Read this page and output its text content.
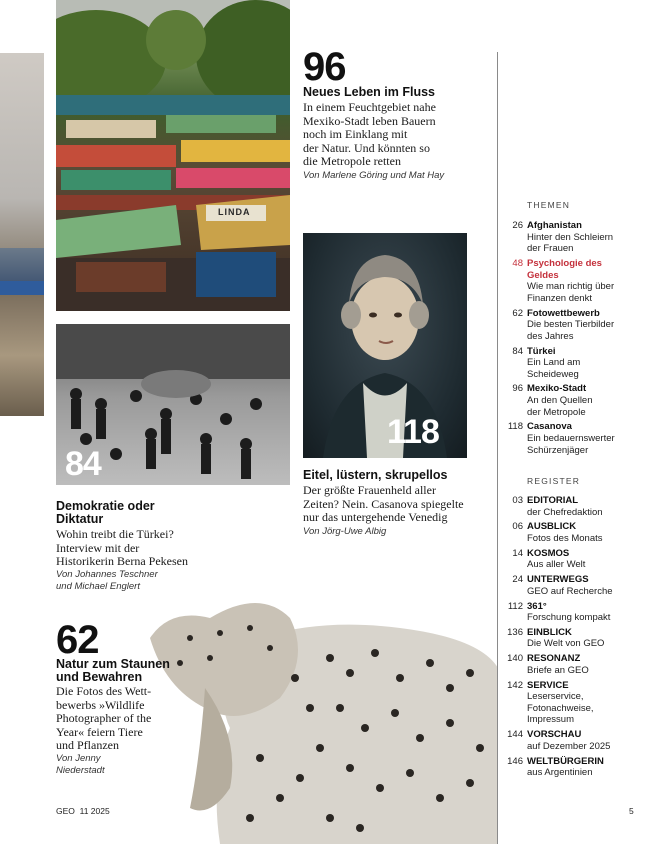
LINDA
84
118
96
Neues Leben im Fluss
In einem Feuchtgebiet nahe
Mexiko-Stadt leben Bauern
noch im Einklang mit
der Natur. Und könnten so
die Metropole retten
Von Marlene Göring und Mat Hay
Demokratie oder
Diktatur
Wohin treibt die Türkei?
Interview mit der
Historikerin Berna Pekesen
Von Johannes Teschner
und Michael Englert
Eitel, lüstern, skrupellos
Der größte Frauenheld aller
Zeiten? Nein. Casanova spiegelte
nur das untergehende Venedig
Von Jörg-Uwe Albig
62
Natur zum Staunen
und Bewahren
Die Fotos des Wett-
bewerbs »Wildlife
Photographer of the
Year« feiern Tiere
und Pflanzen
Von Jenny
Niederstadt
THEMEN
26 Afghanistan
Hinter den Schleiern
der Frauen
48 Psychologie des
Geldes
Wie man richtig über
Finanzen denkt
62 Fotowettbewerb
Die besten Tierbilder
des Jahres
84 Türkei
Ein Land am
Scheideweg
96 Mexiko-Stadt
An den Quellen
der Metropole
118 Casanova
Ein bedauernswerter
Schürzenjäger
REGISTER
03 EDITORIAL
der Chefredaktion
06 AUSBLICK
Fotos des Monats
14 KOSMOS
Aus aller Welt
24 UNTERWEGS
GEO auf Recherche
112 361°
Forschung kompakt
136 EINBLICK
Die Welt von GEO
140 RESONANZ
Briefe an GEO
142 SERVICE
Leserservice,
Fotonachweise,
Impressum
144 VORSCHAU
auf Dezember 2025
146 WELTBÜRGERIN
aus Argentinien
GEO  11 2025	5
